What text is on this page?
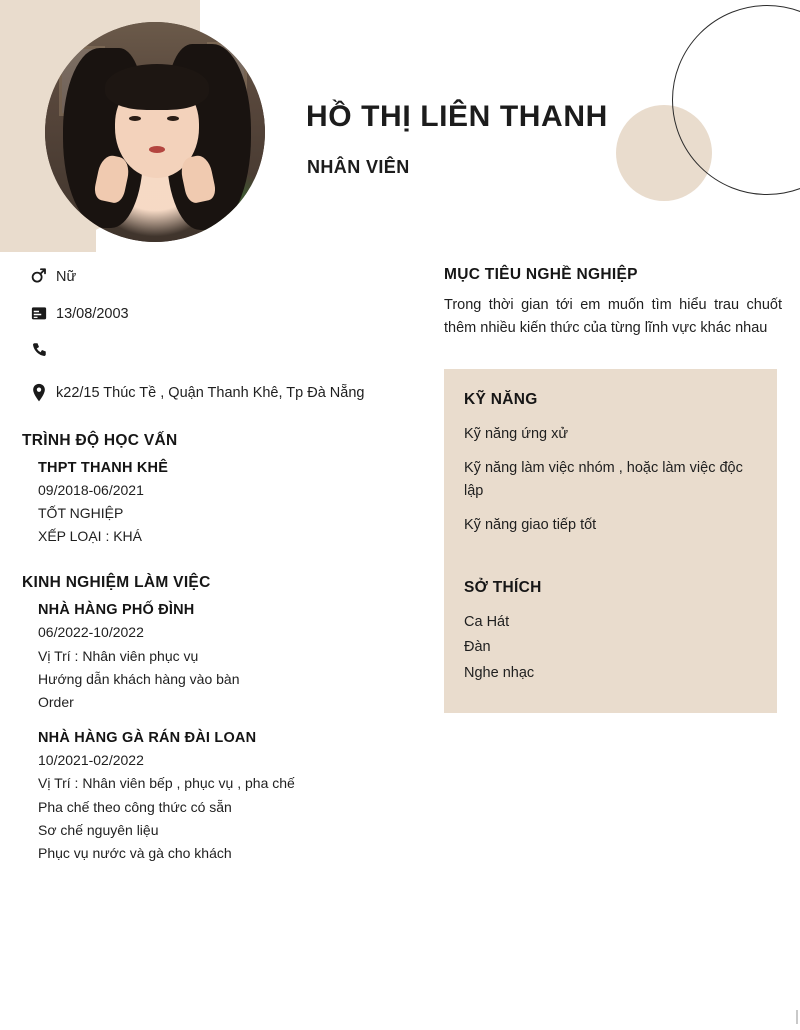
HỒ THỊ LIÊN THANH
NHÂN VIÊN
Nữ
13/08/2003
k22/15 Thúc Tề , Quận Thanh Khê, Tp Đà Nẵng
TRÌNH ĐỘ HỌC VẤN
THPT THANH KHÊ
09/2018-06/2021
TỐT NGHIỆP
XẾP LOẠI : KHÁ
KINH NGHIỆM LÀM VIỆC
NHÀ HÀNG PHỐ ĐÌNH
06/2022-10/2022
Vị Trí : Nhân viên phục vụ
Hướng dẫn khách hàng vào bàn
Order
NHÀ HÀNG GÀ RÁN ĐÀI LOAN
10/2021-02/2022
Vị Trí : Nhân viên bếp , phục vụ , pha chế
Pha chế theo công thức có sẵn
Sơ chế nguyên liệu
Phục vụ nước và gà cho khách
MỤC TIÊU NGHỀ NGHIỆP
Trong thời gian tới em muốn tìm hiểu trau chuốt thêm nhiều kiến thức của từng lĩnh vực khác nhau
KỸ NĂNG
Kỹ năng ứng xử
Kỹ năng làm việc nhóm , hoặc làm việc độc lập
Kỹ năng giao tiếp tốt
SỞ THÍCH
Ca Hát
Đàn
Nghe nhạc
